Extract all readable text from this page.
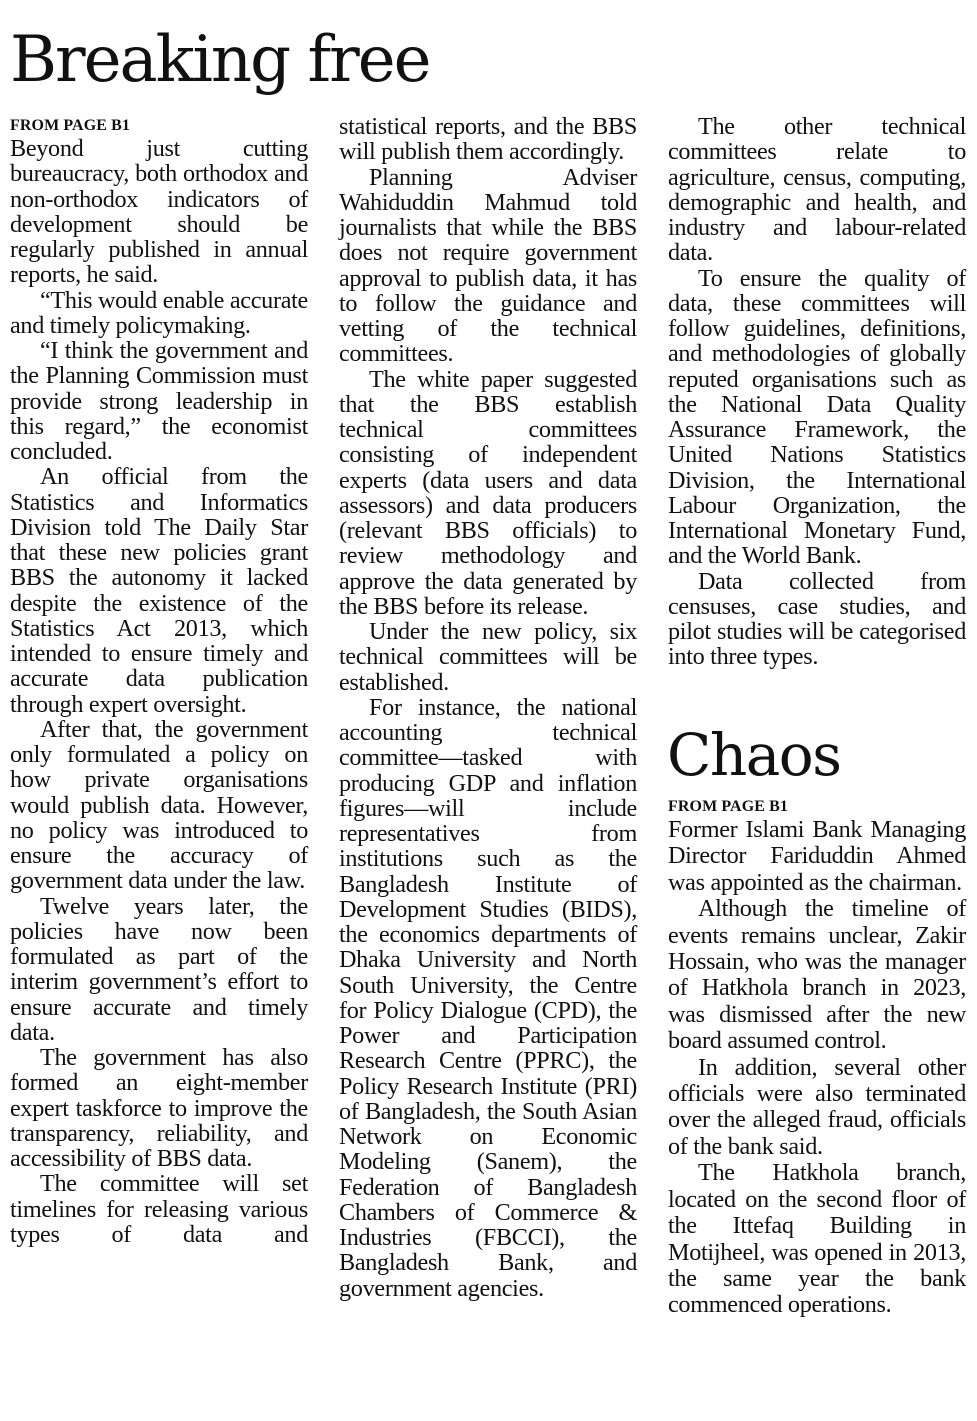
Breaking free
FROM PAGE B1

Beyond just cutting bureaucracy, both orthodox and non-orthodox indicators of development should be regularly published in annual reports, he said.

“This would enable accurate and timely policymaking.

“I think the government and the Planning Commission must provide strong leadership in this regard,” the economist concluded.

An official from the Statistics and Informatics Division told The Daily Star that these new policies grant BBS the autonomy it lacked despite the existence of the Statistics Act 2013, which intended to ensure timely and accurate data publication through expert oversight.

After that, the government only formulated a policy on how private organisations would publish data. However, no policy was introduced to ensure the accuracy of government data under the law.

Twelve years later, the policies have now been formulated as part of the interim government’s effort to ensure accurate and timely data.

The government has also formed an eight-member expert taskforce to improve the transparency, reliability, and accessibility of BBS data.

The committee will set timelines for releasing various types of data and

statistical reports, and the BBS will publish them accordingly.

Planning Adviser Wahiduddin Mahmud told journalists that while the BBS does not require government approval to publish data, it has to follow the guidance and vetting of the technical committees.

The white paper suggested that the BBS establish technical committees consisting of independent experts (data users and data assessors) and data producers (relevant BBS officials) to review methodology and approve the data generated by the BBS before its release.

Under the new policy, six technical committees will be established.

For instance, the national accounting technical committee—tasked with producing GDP and inflation figures—will include representatives from institutions such as the Bangladesh Institute of Development Studies (BIDS), the economics departments of Dhaka University and North South University, the Centre for Policy Dialogue (CPD), the Power and Participation Research Centre (PPRC), the Policy Research Institute (PRI) of Bangladesh, the South Asian Network on Economic Modeling (Sanem), the Federation of Bangladesh Chambers of Commerce & Industries (FBCCI), the Bangladesh Bank, and government agencies.

The other technical committees relate to agriculture, census, computing, demographic and health, and industry and labour-related data.

To ensure the quality of data, these committees will follow guidelines, definitions, and methodologies of globally reputed organisations such as the National Data Quality Assurance Framework, the United Nations Statistics Division, the International Labour Organization, the International Monetary Fund, and the World Bank.

Data collected from censuses, case studies, and pilot studies will be categorised into three types.

Chaos
FROM PAGE B1

Former Islami Bank Managing Director Fariduddin Ahmed was appointed as the chairman.

Although the timeline of events remains unclear, Zakir Hossain, who was the manager of Hatkhola branch in 2023, was dismissed after the new board assumed control.

In addition, several other officials were also terminated over the alleged fraud, officials of the bank said.

The Hatkhola branch, located on the second floor of the Ittefaq Building in Motijheel, was opened in 2013, the same year the bank commenced operations.
